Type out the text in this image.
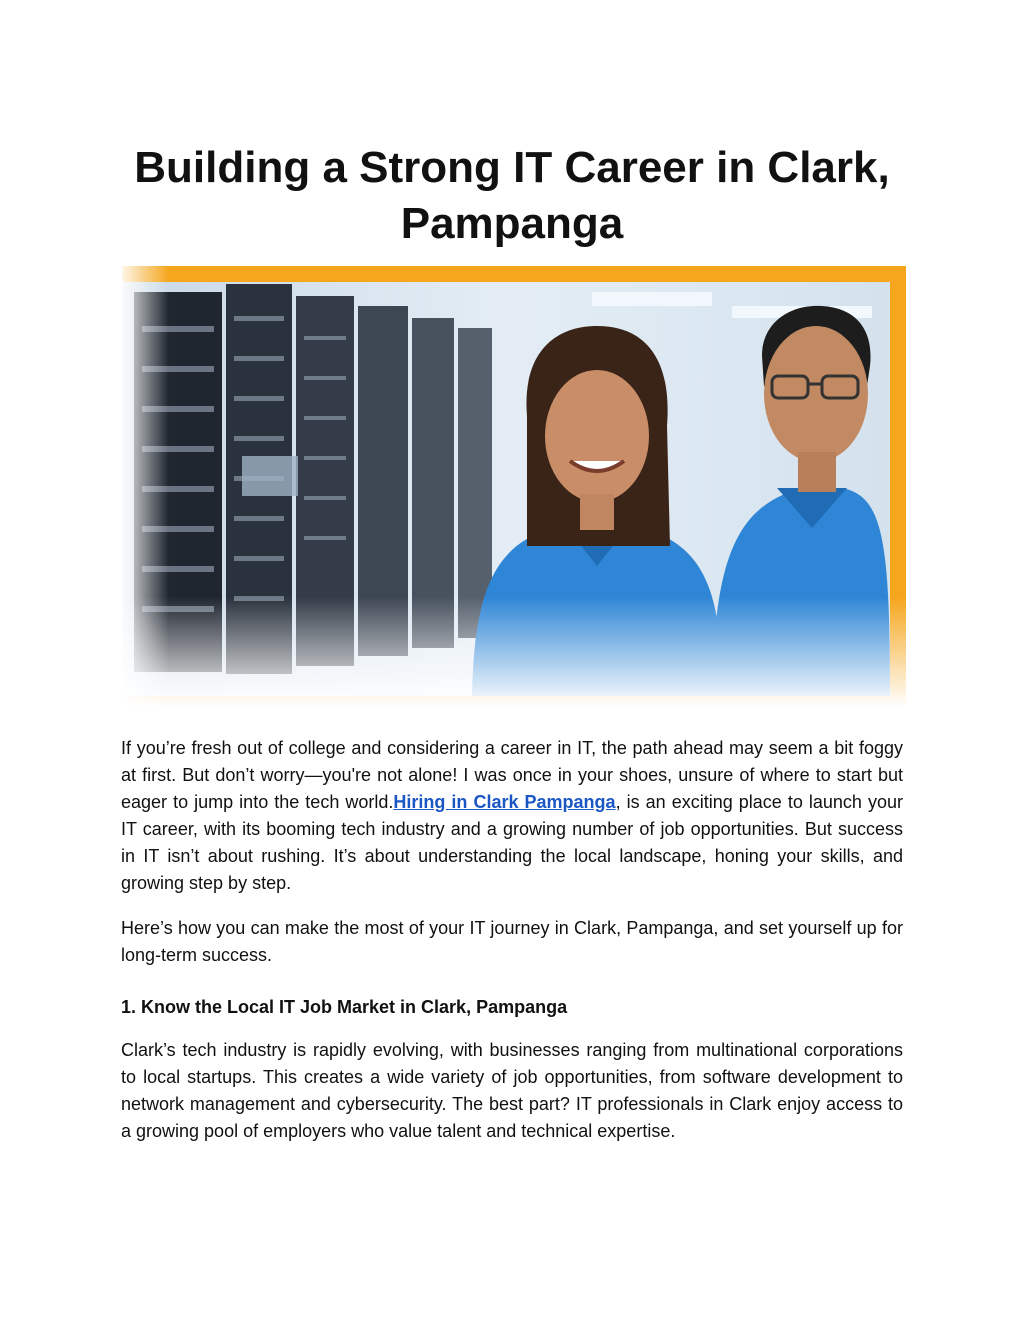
Building a Strong IT Career in Clark, Pampanga

If you’re fresh out of college and considering a career in IT, the path ahead may seem a bit foggy at first. But don’t worry—you're not alone! I was once in your shoes, unsure of where to start but eager to jump into the tech world.Hiring in Clark Pampanga, is an exciting place to launch your IT career, with its booming tech industry and a growing number of job opportunities. But success in IT isn’t about rushing. It’s about understanding the local landscape, honing your skills, and growing step by step.

Here’s how you can make the most of your IT journey in Clark, Pampanga, and set yourself up for long-term success.

1. Know the Local IT Job Market in Clark, Pampanga

Clark’s tech industry is rapidly evolving, with businesses ranging from multinational corporations to local startups. This creates a wide variety of job opportunities, from software development to network management and cybersecurity. The best part? IT professionals in Clark enjoy access to a growing pool of employers who value talent and technical expertise.
